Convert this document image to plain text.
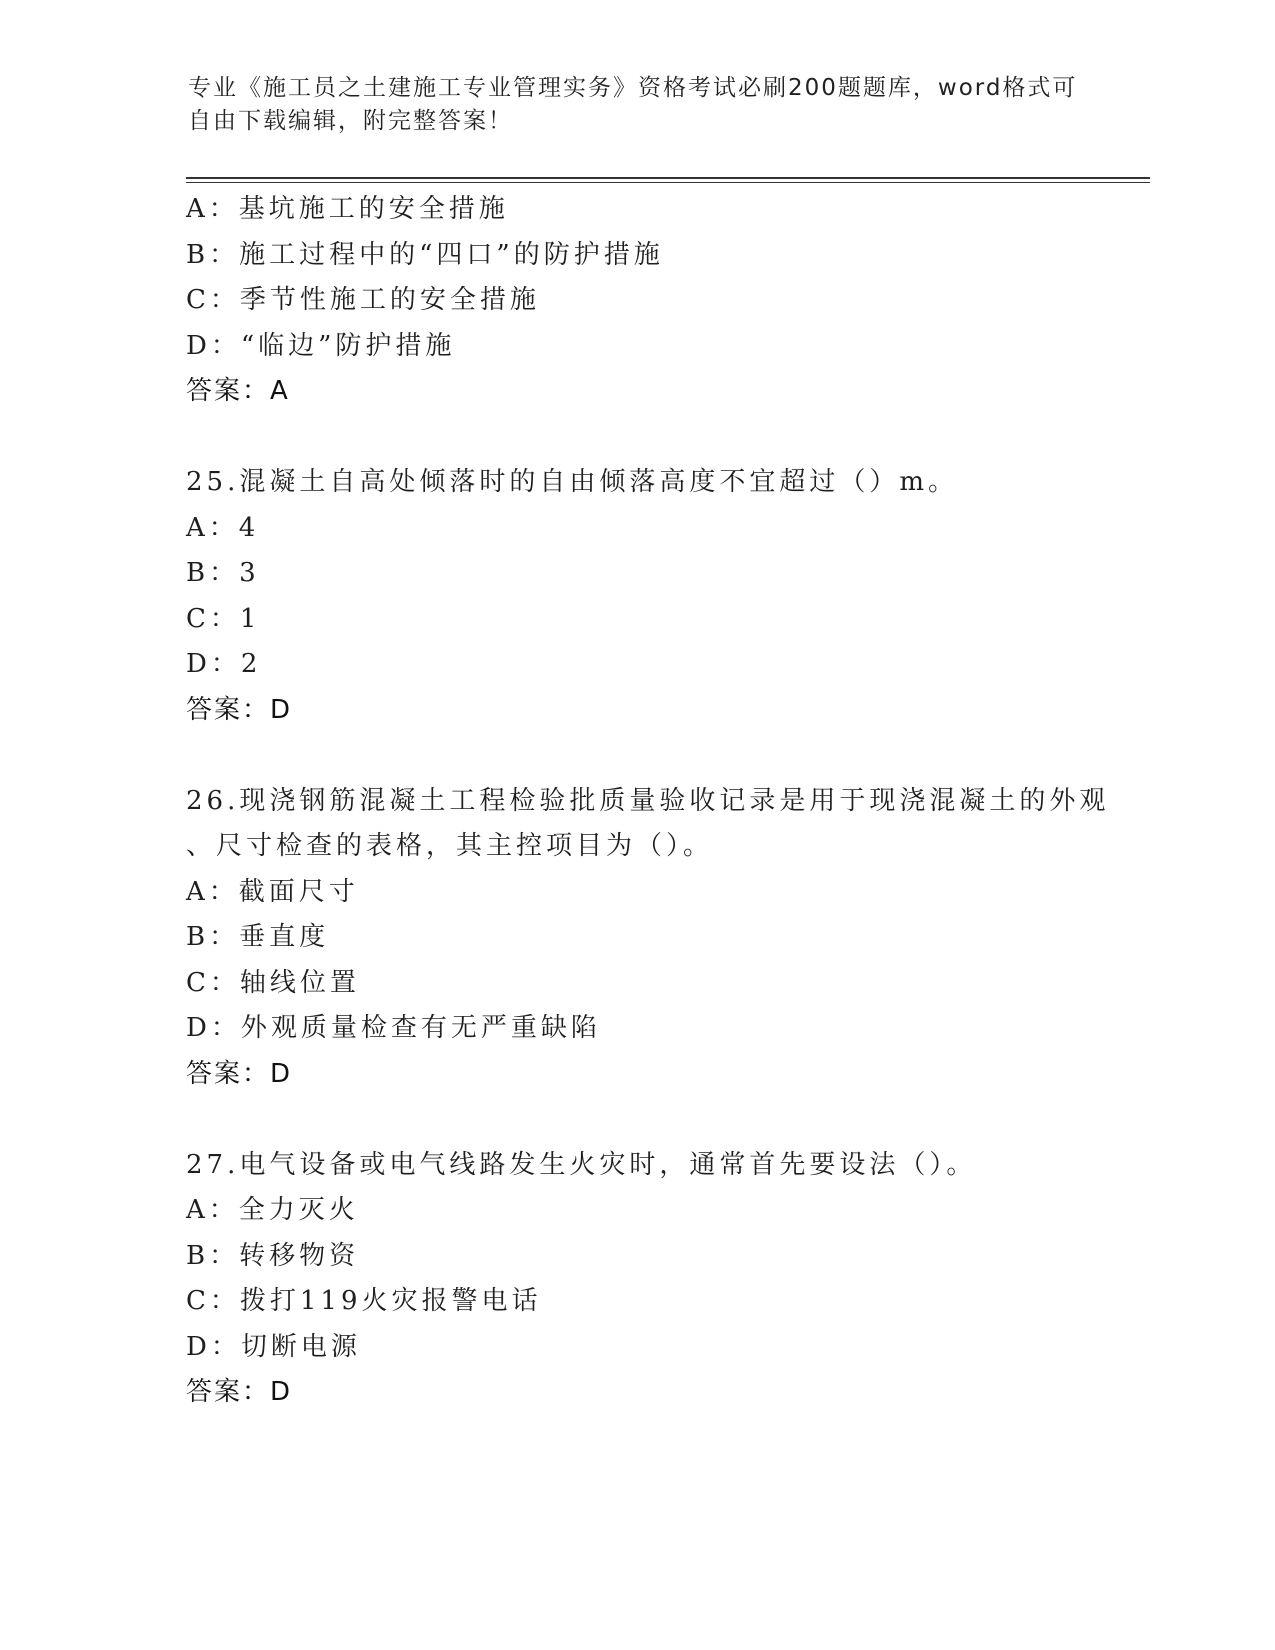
专业《施工员之土建施工专业管理实务》资格考试必刷200题题库，word格式可
自由下载编辑，附完整答案！
A：基坑施工的安全措施
B：施工过程中的“四口”的防护措施
C：季节性施工的安全措施
D：“临边”防护措施
答案：A
25.混凝土自高处倾落时的自由倾落高度不宜超过（）m。
A：4
B：3
C：1
D：2
答案：D
26.现浇钢筋混凝土工程检验批质量验收记录是用于现浇混凝土的外观
、尺寸检查的表格，其主控项目为（）。
A：截面尺寸
B：垂直度
C：轴线位置
D：外观质量检查有无严重缺陷
答案：D
27.电气设备或电气线路发生火灾时，通常首先要设法（）。
A：全力灭火
B：转移物资
C：拨打119火灾报警电话
D：切断电源
答案：D
